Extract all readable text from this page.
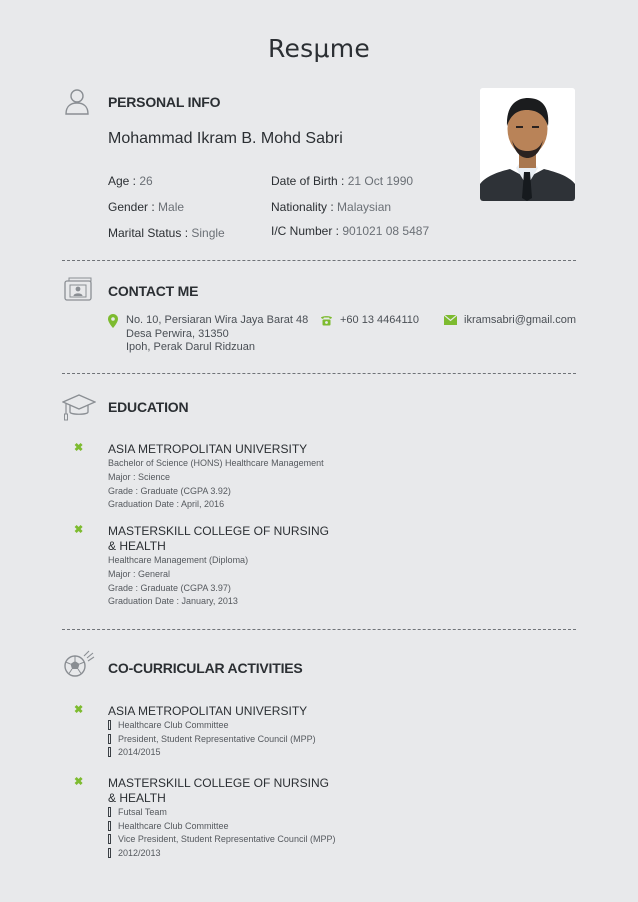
Resμme
PERSONAL INFO
Mohammad Ikram B. Mohd Sabri
Age : 26
Gender : Male
Marital Status : Single
Date of Birth : 21 Oct 1990
Nationality : Malaysian
I/C Number : 901021 08 5487
CONTACT ME
No. 10, Persiaran Wira Jaya Barat 48
Desa Perwira, 31350
Ipoh, Perak Darul Ridzuan
+60 13 4464110	ikramsabri@gmail.com
EDUCATION
✖ ASIA METROPOLITAN UNIVERSITY
Bachelor of Science (HONS) Healthcare Management
Major : Science
Grade : Graduate (CGPA 3.92)
Graduation Date : April, 2016
✖ MASTERSKILL COLLEGE OF NURSING
& HEALTH
Healthcare Management (Diploma)
Major : General
Grade : Graduate (CGPA 3.97)
Graduation Date : January, 2013
CO-CURRICULAR ACTIVITIES
✖ ASIA METROPOLITAN UNIVERSITY
Healthcare Club Committee
President, Student Representative Council (MPP)
2014/2015
✖ MASTERSKILL COLLEGE OF NURSING
& HEALTH
Futsal Team
Healthcare Club Committee
Vice President, Student Representative Council (MPP)
2012/2013
